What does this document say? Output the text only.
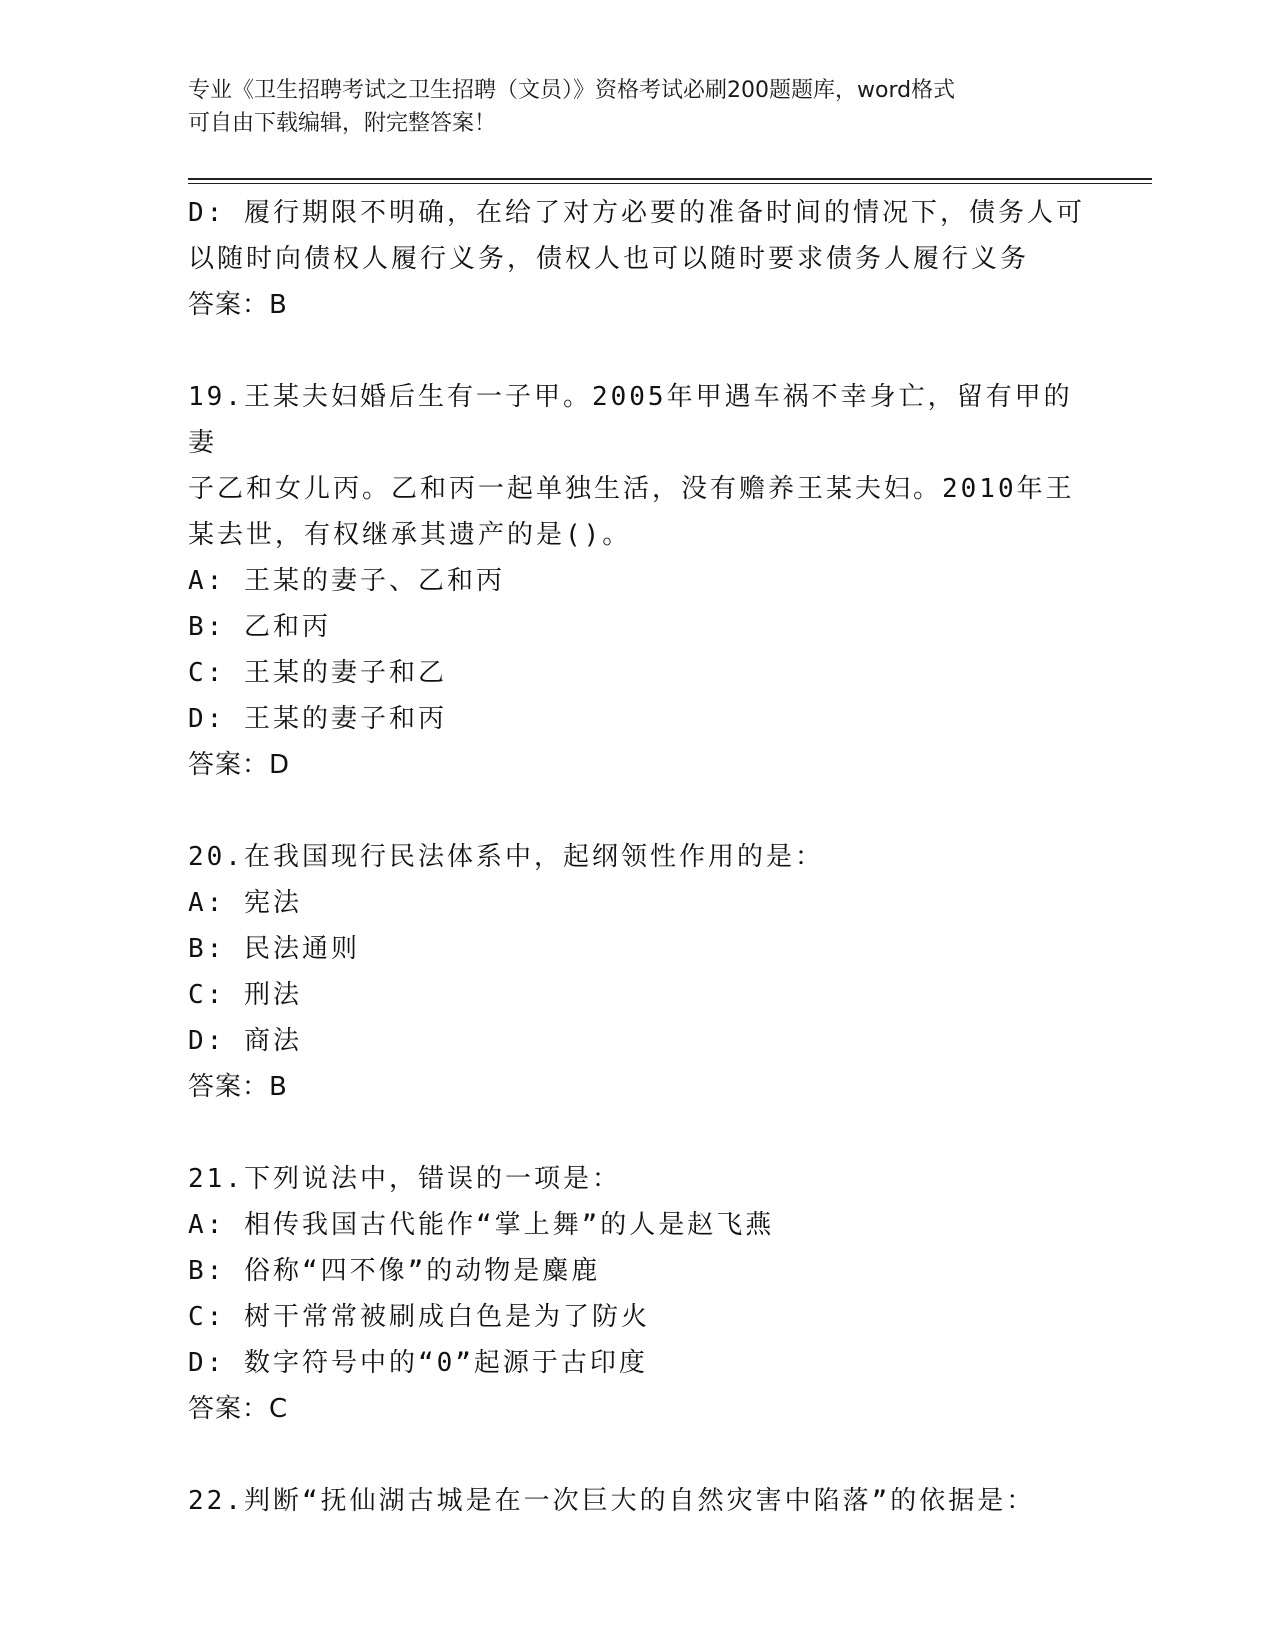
专业《卫生招聘考试之卫生招聘（文员）》资格考试必刷200题题库，word格式
可自由下载编辑，附完整答案！
D: 履行期限不明确，在给了对方必要的准备时间的情况下，债务人可
以随时向债权人履行义务，债权人也可以随时要求债务人履行义务
答案：B
19.王某夫妇婚后生有一子甲。2005年甲遇车祸不幸身亡，留有甲的妻
子乙和女儿丙。乙和丙一起单独生活，没有赡养王某夫妇。2010年王
某去世，有权继承其遗产的是()。
A: 王某的妻子、乙和丙
B: 乙和丙
C: 王某的妻子和乙
D: 王某的妻子和丙
答案：D
20.在我国现行民法体系中，起纲领性作用的是：
A: 宪法
B: 民法通则
C: 刑法
D: 商法
答案：B
21.下列说法中，错误的一项是：
A: 相传我国古代能作“掌上舞”的人是赵飞燕
B: 俗称“四不像”的动物是麋鹿
C: 树干常常被刷成白色是为了防火
D: 数字符号中的“0”起源于古印度
答案：C
22.判断“抚仙湖古城是在一次巨大的自然灾害中陷落”的依据是：
